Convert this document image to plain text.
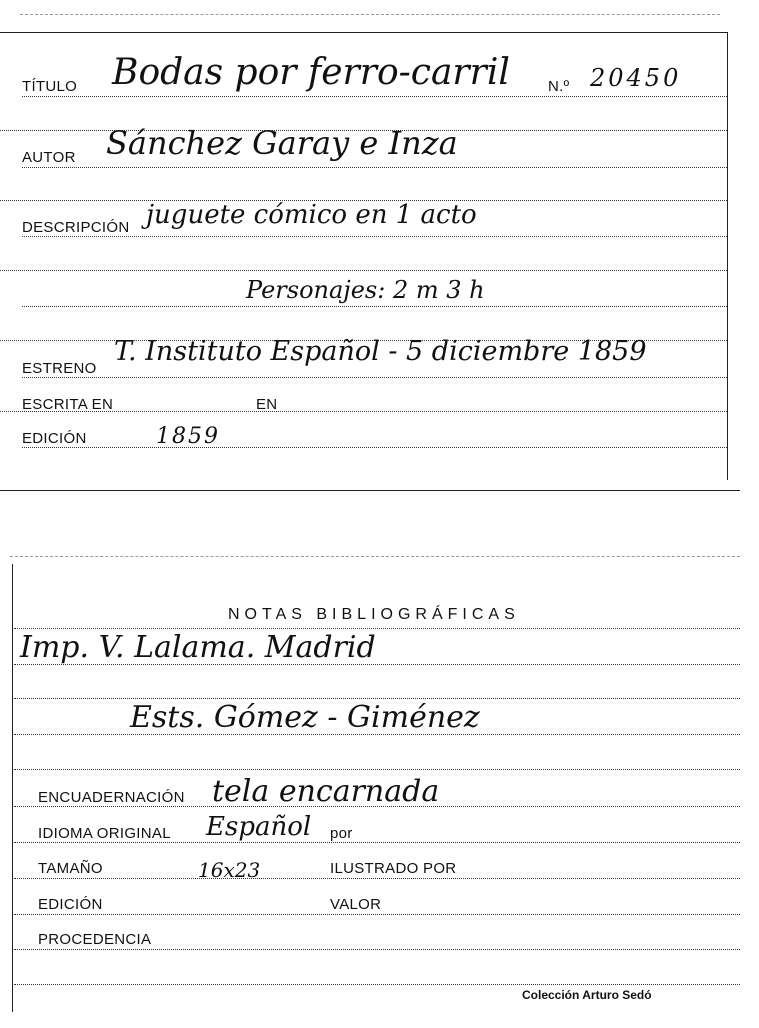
TÍTULO Bodas por ferro-carril	N.º 20450
AUTOR Sánchez Garay e Inza
DESCRIPCIÓN juguete cómico en 1 acto
Personajes: 2 m 3 h
ESTRENO
T. Instituto Español - 5 diciembre 1859
ESCRITA EN	EN
EDICIÓN	1859
NOTAS BIBLIOGRÁFICAS
Imp. V. Lalama. Madrid
Ests. Gómez - Giménez
ENCUADERNACIÓN tela encarnada
IDIOMA ORIGINAL Español por
TAMAÑO	16x23	ILUSTRADO POR
EDICIÓN	VALOR
PROCEDENCIA
Colección Arturo Sedó
